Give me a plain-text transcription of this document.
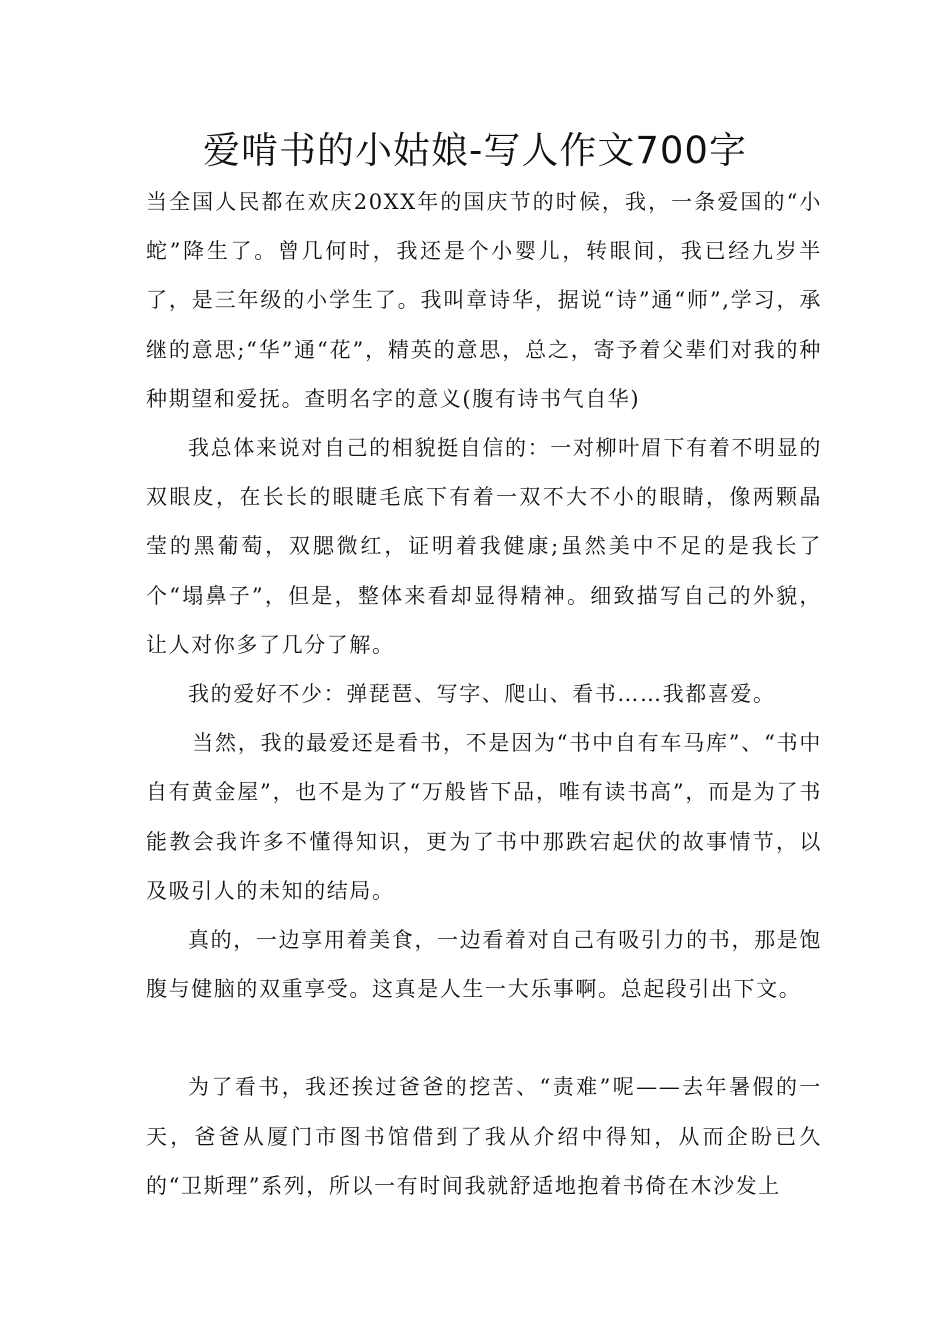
爱啃书的小姑娘-写人作文700字

当全国人民都在欢庆20XX年的国庆节的时候，我，一条爱国的“小蛇”降生了。曾几何时，我还是个小婴儿，转眼间，我已经九岁半了，是三年级的小学生了。我叫章诗华，据说“诗”通“师”,学习，承继的意思;“华”通“花”，精英的意思，总之，寄予着父辈们对我的种种期望和爱抚。查明名字的意义(腹有诗书气自华)

我总体来说对自己的相貌挺自信的：一对柳叶眉下有着不明显的双眼皮，在长长的眼睫毛底下有着一双不大不小的眼睛，像两颗晶莹的黑葡萄，双腮微红，证明着我健康;虽然美中不足的是我长了个“塌鼻子”，但是，整体来看却显得精神。细致描写自己的外貌，让人对你多了几分了解。

我的爱好不少：弹琵琶、写字、爬山、看书……我都喜爱。

当然，我的最爱还是看书，不是因为“书中自有车马库”、“书中自有黄金屋”，也不是为了“万般皆下品，唯有读书高”，而是为了书能教会我许多不懂得知识，更为了书中那跌宕起伏的故事情节，以及吸引人的未知的结局。

真的，一边享用着美食，一边看着对自己有吸引力的书，那是饱腹与健脑的双重享受。这真是人生一大乐事啊。总起段引出下文。

为了看书，我还挨过爸爸的挖苦、“责难”呢——去年暑假的一天，爸爸从厦门市图书馆借到了我从介绍中得知，从而企盼已久的“卫斯理”系列，所以一有时间我就舒适地抱着书倚在木沙发上
